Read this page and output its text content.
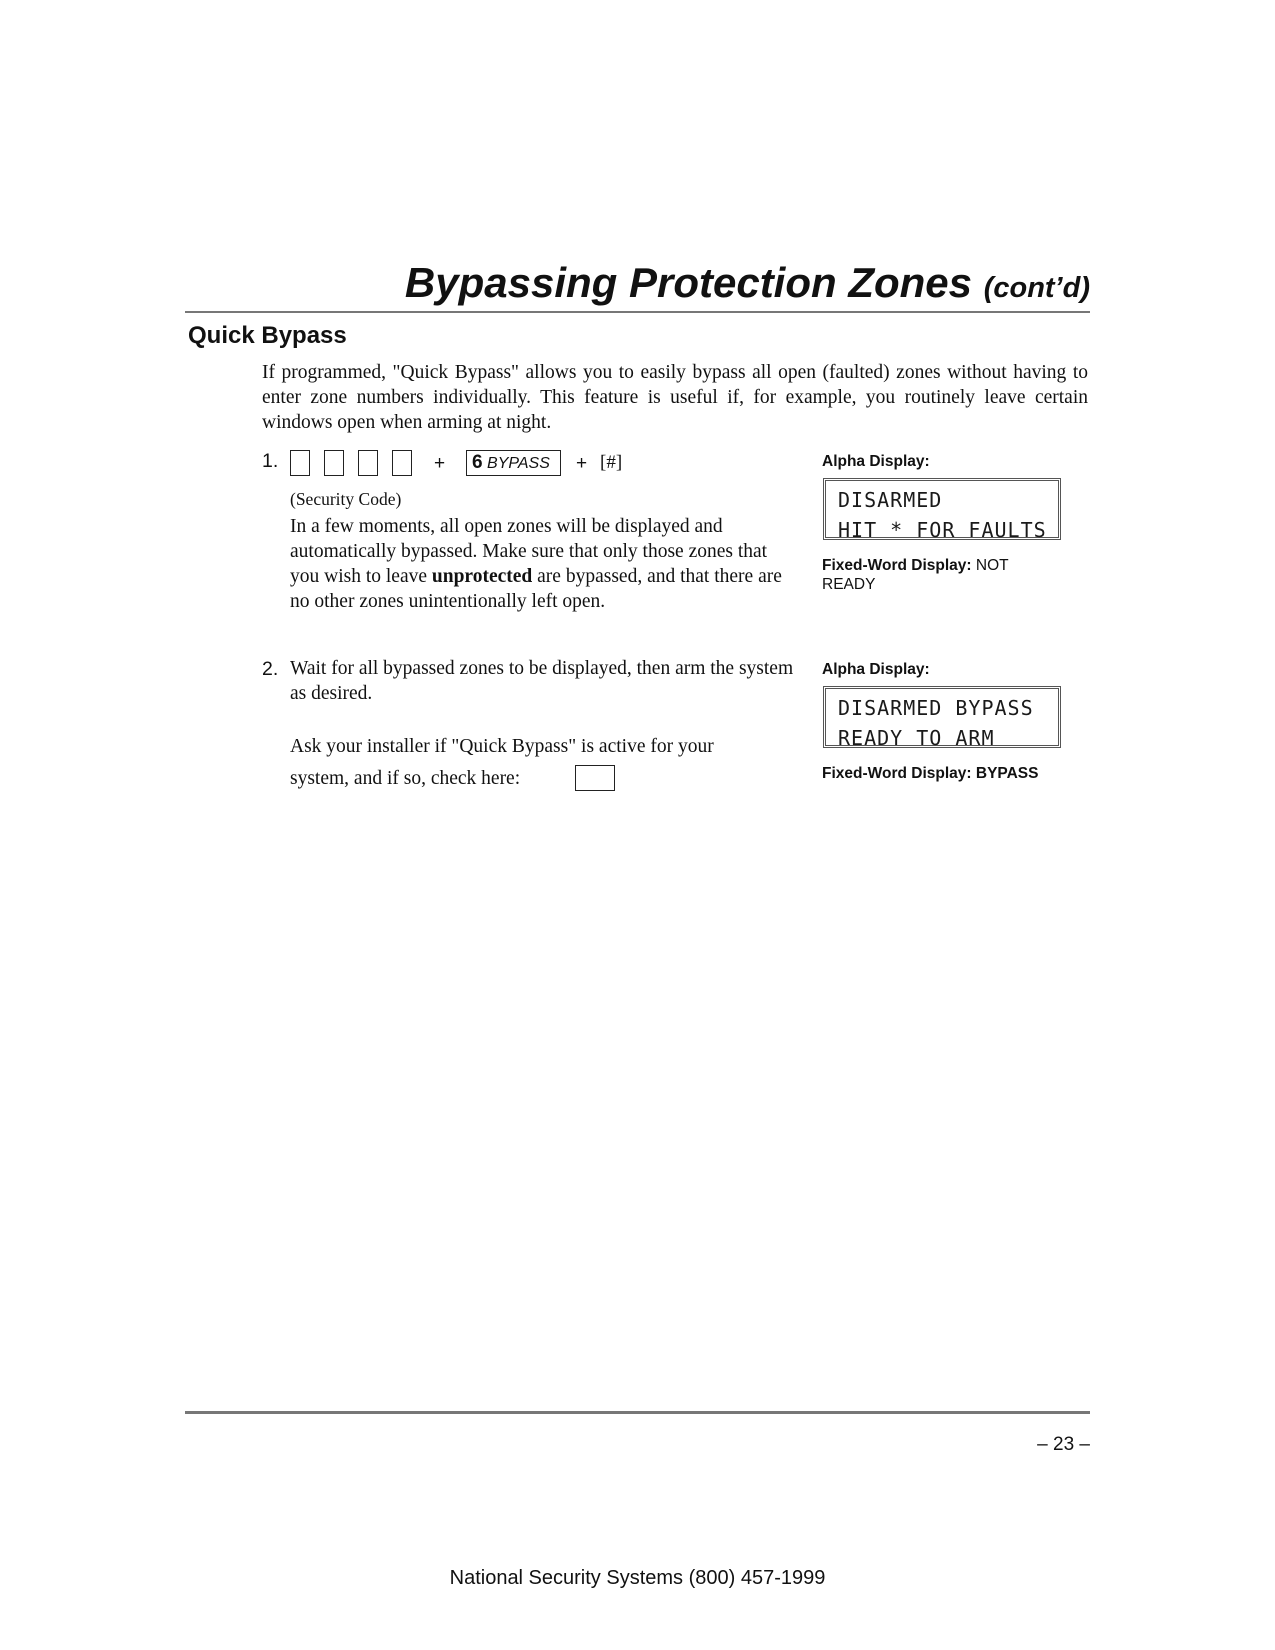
Bypassing Protection Zones (cont’d)
Quick Bypass
If programmed, "Quick Bypass" allows you to easily bypass all open (faulted) zones without having to enter zone numbers individually. This feature is useful if, for example, you routinely leave certain windows open when arming at night.
1.	+	6 BYPASS	+ [#]
(Security Code)
In a few moments, all open zones will be displayed and automatically bypassed. Make sure that only those zones that you wish to leave unprotected are bypassed, and that there are no other zones unintentionally left open.
2. Wait for all bypassed zones to be displayed, then arm the system as desired.
Ask your installer if "Quick Bypass" is active for your
system, and if so, check here:
Alpha Display:
DISARMED
HIT * FOR FAULTS
Fixed-Word Display: NOT READY
Alpha Display:
DISARMED BYPASS
READY TO ARM
Fixed-Word Display: BYPASS
– 23 –
National Security Systems (800) 457-1999
